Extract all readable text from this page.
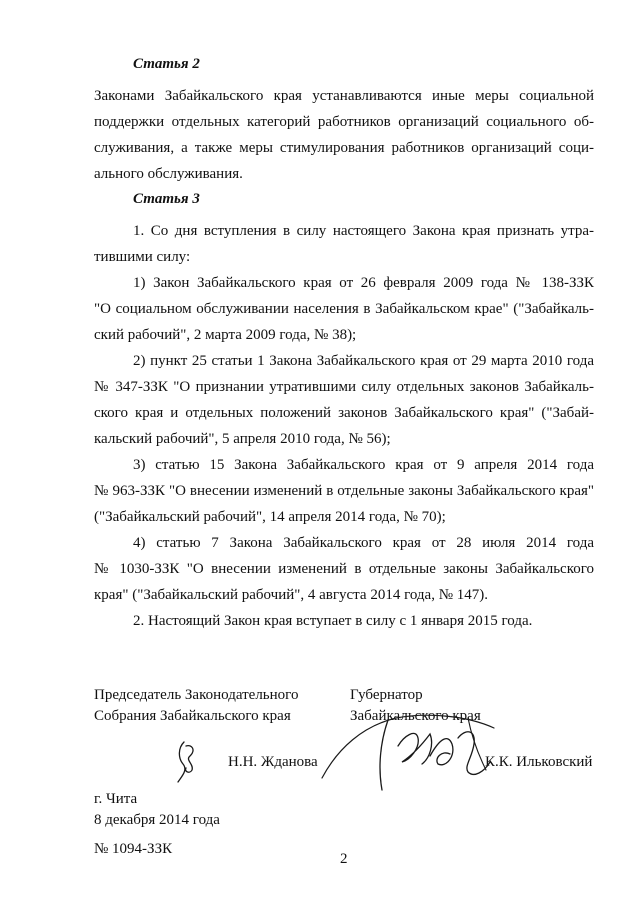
Статья 2

Законами Забайкальского края устанавливаются иные меры социальной

поддержки отдельных категорий работников организаций социального об-

служивания, а также меры стимулирования работников организаций соци-

ального обслуживания.

Статья 3

1. Со дня вступления в силу настоящего Закона края признать утра-

тившими силу:

1) Закон Забайкальского края от 26 февраля 2009 года № 138-ЗЗК

"О социальном обслуживании населения в Забайкальском крае" ("Забайкаль-

ский рабочий", 2 марта 2009 года, № 38);

2) пункт 25 статьи 1 Закона Забайкальского края от 29 марта 2010 года

№ 347-ЗЗК "О признании утратившими силу отдельных законов Забайкаль-

ского края и отдельных положений законов Забайкальского края" ("Забай-

кальский рабочий", 5 апреля 2010 года, № 56);

3) статью 15 Закона Забайкальского края от 9 апреля 2014 года

№ 963-ЗЗК "О внесении изменений в отдельные законы Забайкальского края"

("Забайкальский рабочий", 14 апреля 2014 года, № 70);

4) статью 7 Закона Забайкальского края от 28 июля 2014 года

№ 1030-ЗЗК "О внесении изменений в отдельные законы Забайкальского

края" ("Забайкальский рабочий", 4 августа 2014 года, № 147).

2. Настоящий Закон края вступает в силу с 1 января 2015 года.

Председатель Законодательного
Собрания Забайкальского края
Губернатор
Забайкальского края
Н.Н. Жданова	К.К. Ильковский
г. Чита
8 декабря 2014 года
№ 1094-ЗЗК
2
